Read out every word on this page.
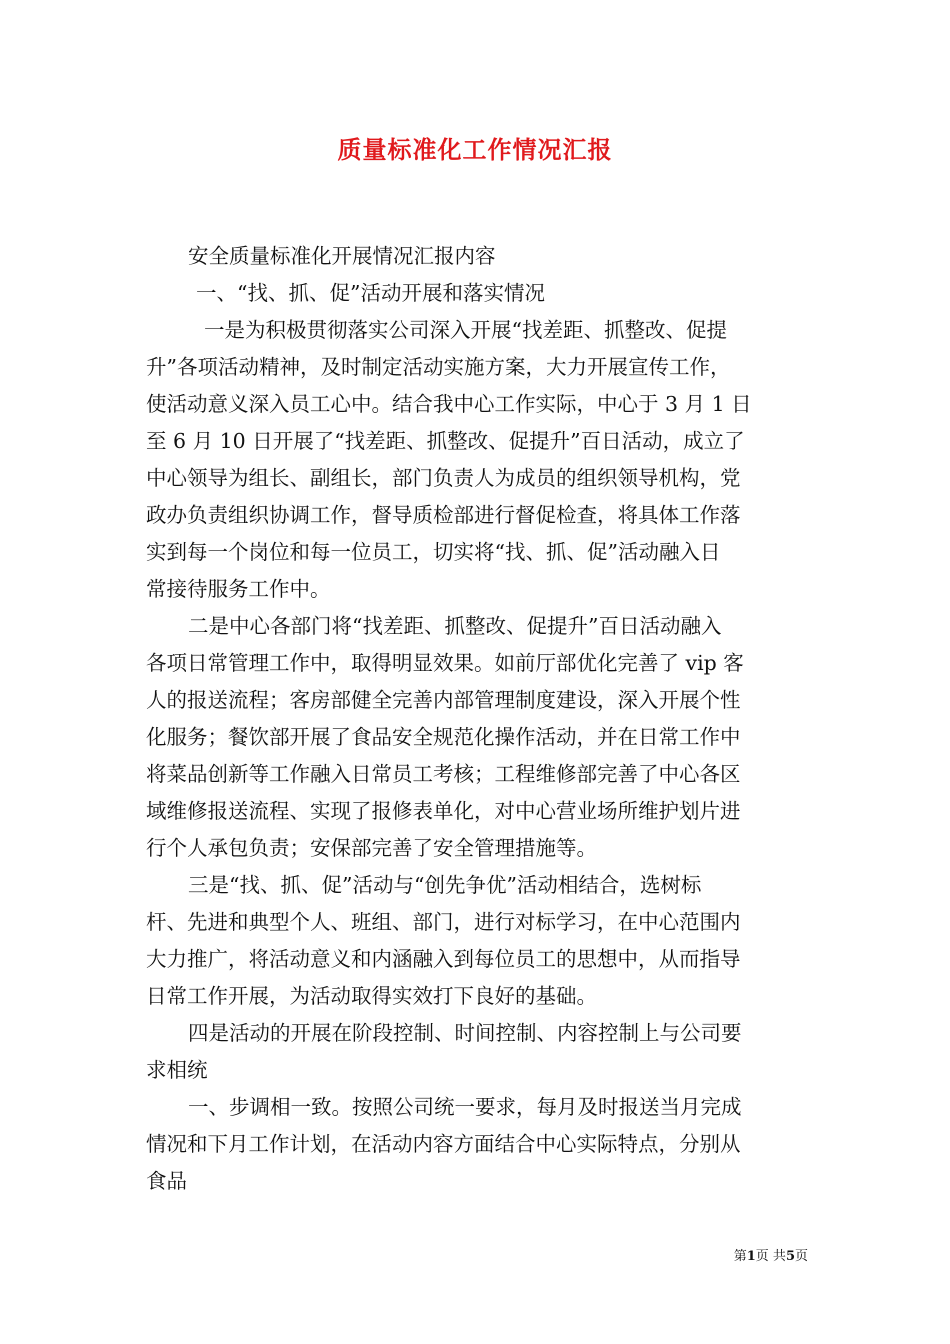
质量标准化工作情况汇报
安全质量标准化开展情况汇报内容
一、“找、抓、促”活动开展和落实情况
一是为积极贯彻落实公司深入开展“找差距、抓整改、促提
升”各项活动精神，及时制定活动实施方案，大力开展宣传工作，
使活动意义深入员工心中。结合我中心工作实际，中心于 3 月 1 日
至 6 月 10 日开展了“找差距、抓整改、促提升”百日活动，成立了
中心领导为组长、副组长，部门负责人为成员的组织领导机构，党
政办负责组织协调工作，督导质检部进行督促检查，将具体工作落
实到每一个岗位和每一位员工，切实将“找、抓、促”活动融入日
常接待服务工作中。
二是中心各部门将“找差距、抓整改、促提升”百日活动融入
各项日常管理工作中，取得明显效果。如前厅部优化完善了 vip 客
人的报送流程；客房部健全完善内部管理制度建设，深入开展个性
化服务；餐饮部开展了食品安全规范化操作活动，并在日常工作中
将菜品创新等工作融入日常员工考核；工程维修部完善了中心各区
域维修报送流程、实现了报修表单化，对中心营业场所维护划片进
行个人承包负责；安保部完善了安全管理措施等。
三是“找、抓、促”活动与“创先争优”活动相结合，选树标
杆、先进和典型个人、班组、部门，进行对标学习，在中心范围内
大力推广，将活动意义和内涵融入到每位员工的思想中，从而指导
日常工作开展，为活动取得实效打下良好的基础。
四是活动的开展在阶段控制、时间控制、内容控制上与公司要
求相统
一、步调相一致。按照公司统一要求，每月及时报送当月完成
情况和下月工作计划，在活动内容方面结合中心实际特点，分别从
食品
第1页 共5页
